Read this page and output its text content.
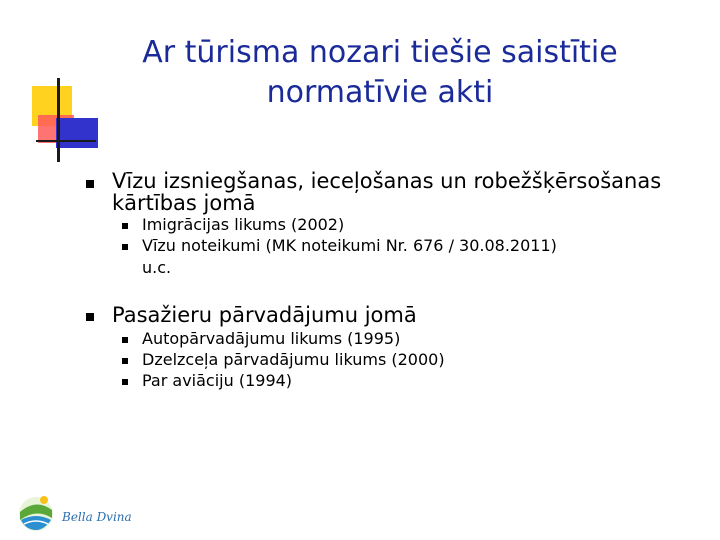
Ar tūrisma nozari tiešie saistītie
normatīvie akti
Vīzu izsniegšanas, ieceļošanas un robežšķērsošanas
kārtības jomā
Imigrācijas likums (2002)
Vīzu noteikumi (MK noteikumi Nr. 676 / 30.08.2011)
u.c.
Pasažieru pārvadājumu jomā
Autopārvadājumu likums (1995)
Dzelzceļa pārvadājumu likums (2000)
Par aviāciju (1994)
Bella Dvina
